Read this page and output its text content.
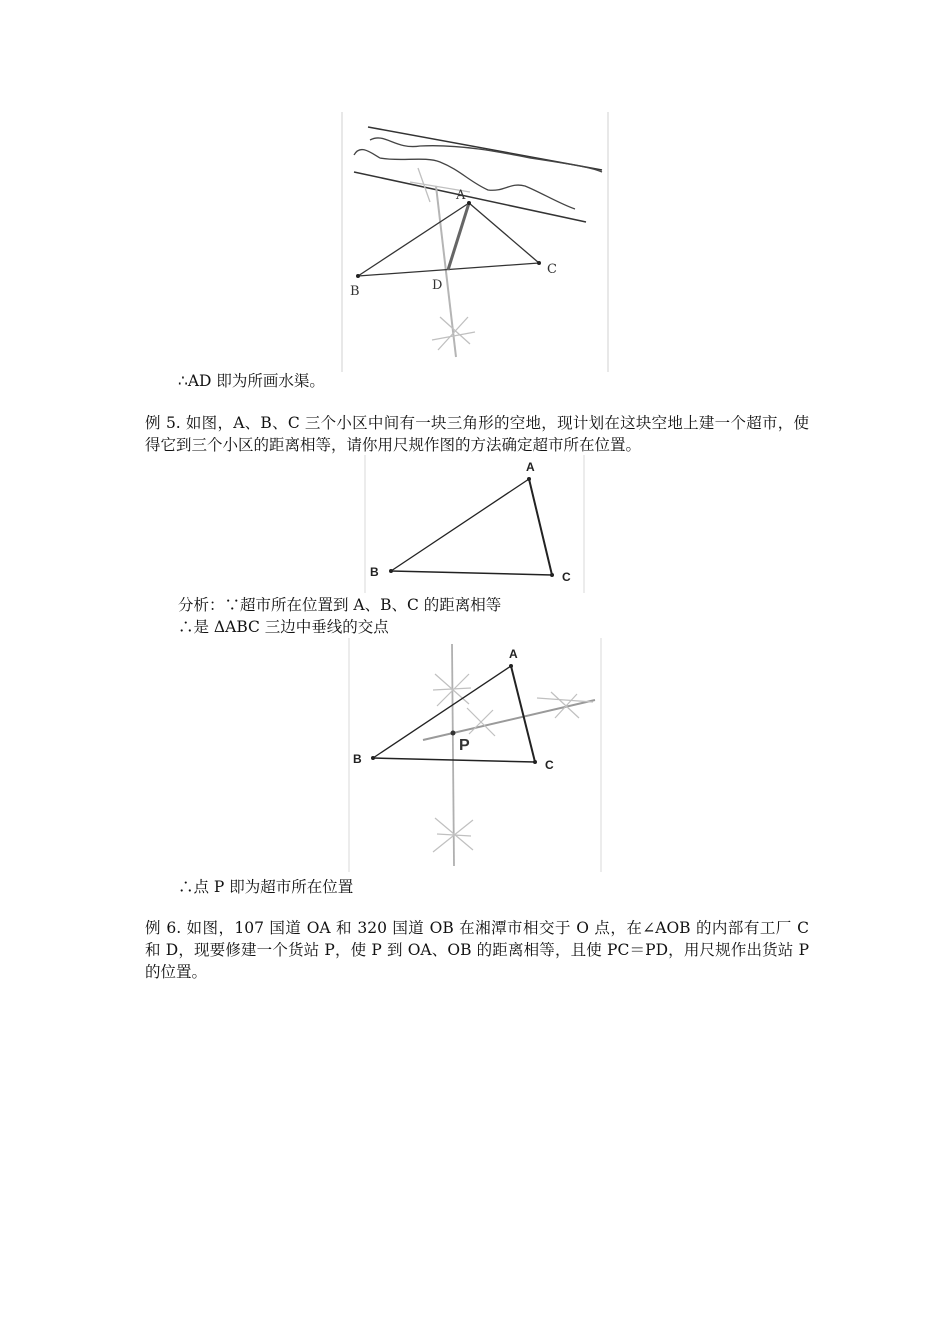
A
B
C
D
∴AD 即为所画水渠。
例 5. 如图，A、B、C 三个小区中间有一块三角形的空地，现计划在这块空地上建一个超市，使得它到三个小区的距离相等，请你用尺规作图的方法确定超市所在位置。
A
B	C
分析：∵超市所在位置到 A、B、C 的距离相等
∴是 ΔABC 三边中垂线的交点
A
B	C
P
∴点 P 即为超市所在位置
例 6. 如图，107 国道 OA 和 320 国道 OB 在湘潭市相交于 O 点，在∠AOB 的内部有工厂 C 和 D，现要修建一个货站 P，使 P 到 OA、OB 的距离相等，且使 PC＝PD，用尺规作出货站 P 的位置。
